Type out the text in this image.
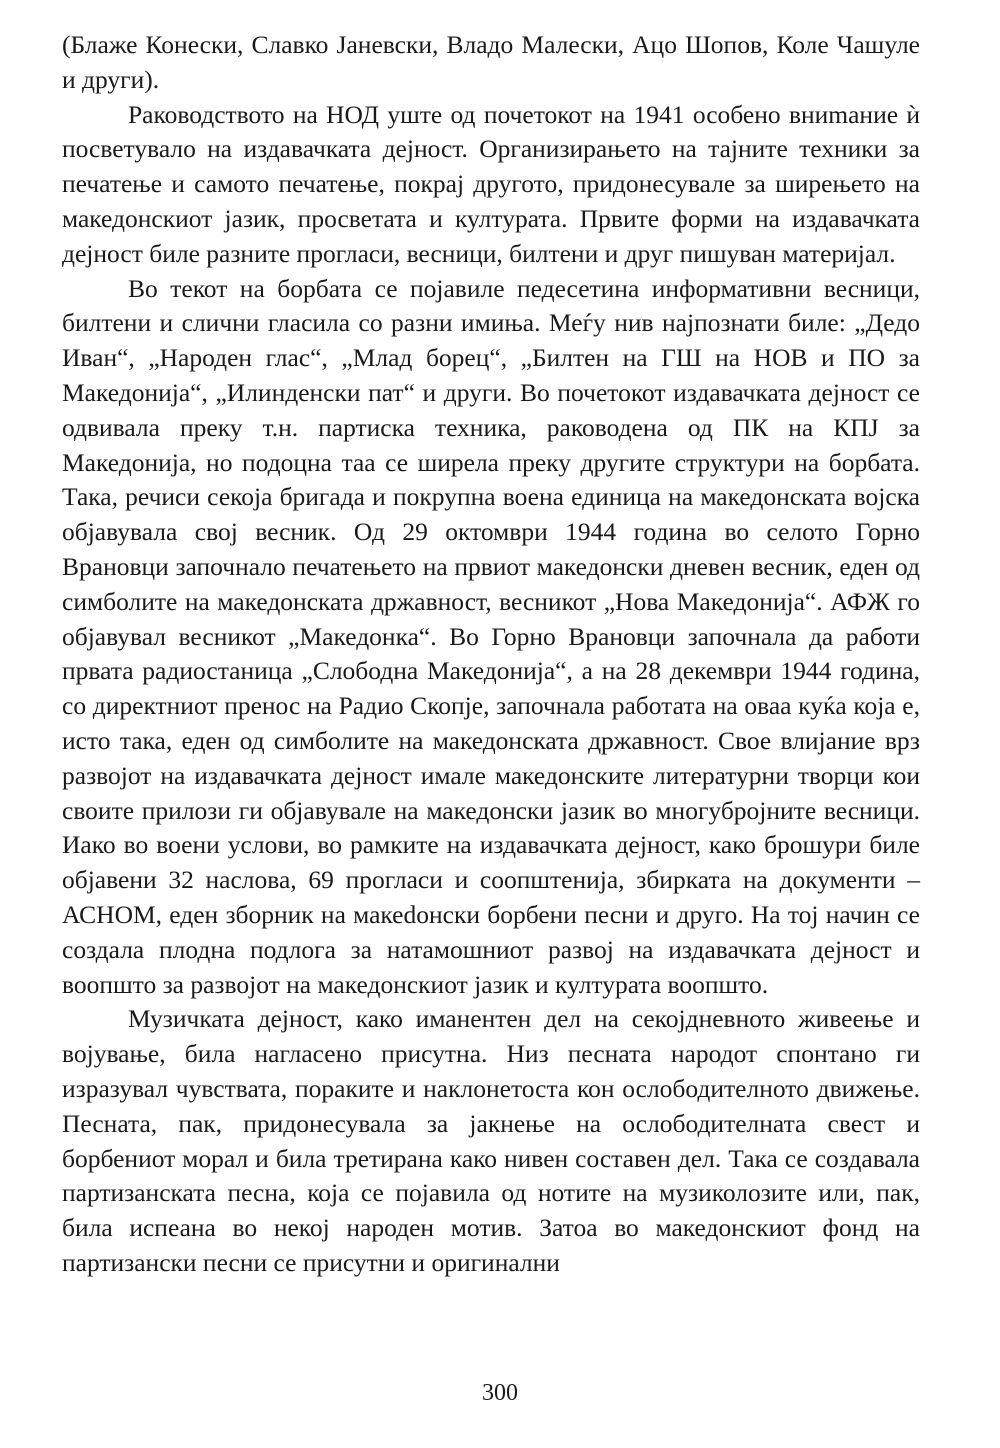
(Блаже Конески, Славко Јаневски, Владо Малески, Ацо Шопов, Коле Чашуле и други).

Раководството на НОД уште од почетокот на 1941 особено вниmание ѝ посветувало на издавачката дејност. Организирањето на тајните техники за печатење и самото печатење, покрај другото, придонесувале за ширењето на македонскиот јазик, просветата и културата. Првите форми на издавачката дејност биле разните прогласи, весници, билтени и друг пишуван материјал.

Во текот на борбата се појавиле педесетина информативни весници, билтени и слични гласила со разни имиња. Меѓу нив најпознати биле: „Дедо Иван“, „Народен глас“, „Млад борец“, „Билтен на ГШ на НОВ и ПО за Македонија“, „Илинденски пат“ и други. Во почетокот издавачката дејност се одвивала преку т.н. партиска техника, раководена од ПК на КПЈ за Македонија, но подоцна таа се ширела преку другите структури на борбата. Така, речиси секоја бригада и покрупна воена единица на македонската војска објавувала свој весник. Од 29 октомври 1944 година во селото Горно Врановци започнало печатењето на првиот македонски дневен весник, еден од симболите на македонската државност, весникот „Нова Македонија“. АФЖ го објавувал весникот „Македонка“. Во Горно Врановци започнала да работи првата радиостаница „Слободна Македонија“, а на 28 декември 1944 година, со директниот пренос на Радио Скопје, започнала работата на оваа куќа која е, исто така, еден од симболите на македонската државност. Свое влијание врз развојот на издавачката дејност имале македонските литературни творци кои своите прилози ги објавувале на македонски јазик во многубројните весници. Иако во воени услови, во рамките на издавачката дејност, како брошури биле објавени 32 наслова, 69 прогласи и соопштенија, збирката на документи – АСНОМ, еден зборник на макеdонски борбени песни и друго. На тој начин се создала плодна подлога за натамошниот развој на издавачката дејност и воопшто за развојот на македонскиот јазик и културата воопшто.

Музичката дејност, како иманентен дел на секојдневното живеење и војување, била нагласено присутна. Низ песната народот спонтано ги изразувал чувствата, пораките и наклонетоста кон ослободителното движење. Песната, пак, придонесувала за јакнење на ослободителната свест и борбениот морал и била третирана како нивен составен дел. Така се создавала партизанската песна, која се појавила од нотите на музиколозите или, пак, била испеана во некој народен мотив. Затоа во македонскиот фонд на партизански песни се присутни и оригинални

300
